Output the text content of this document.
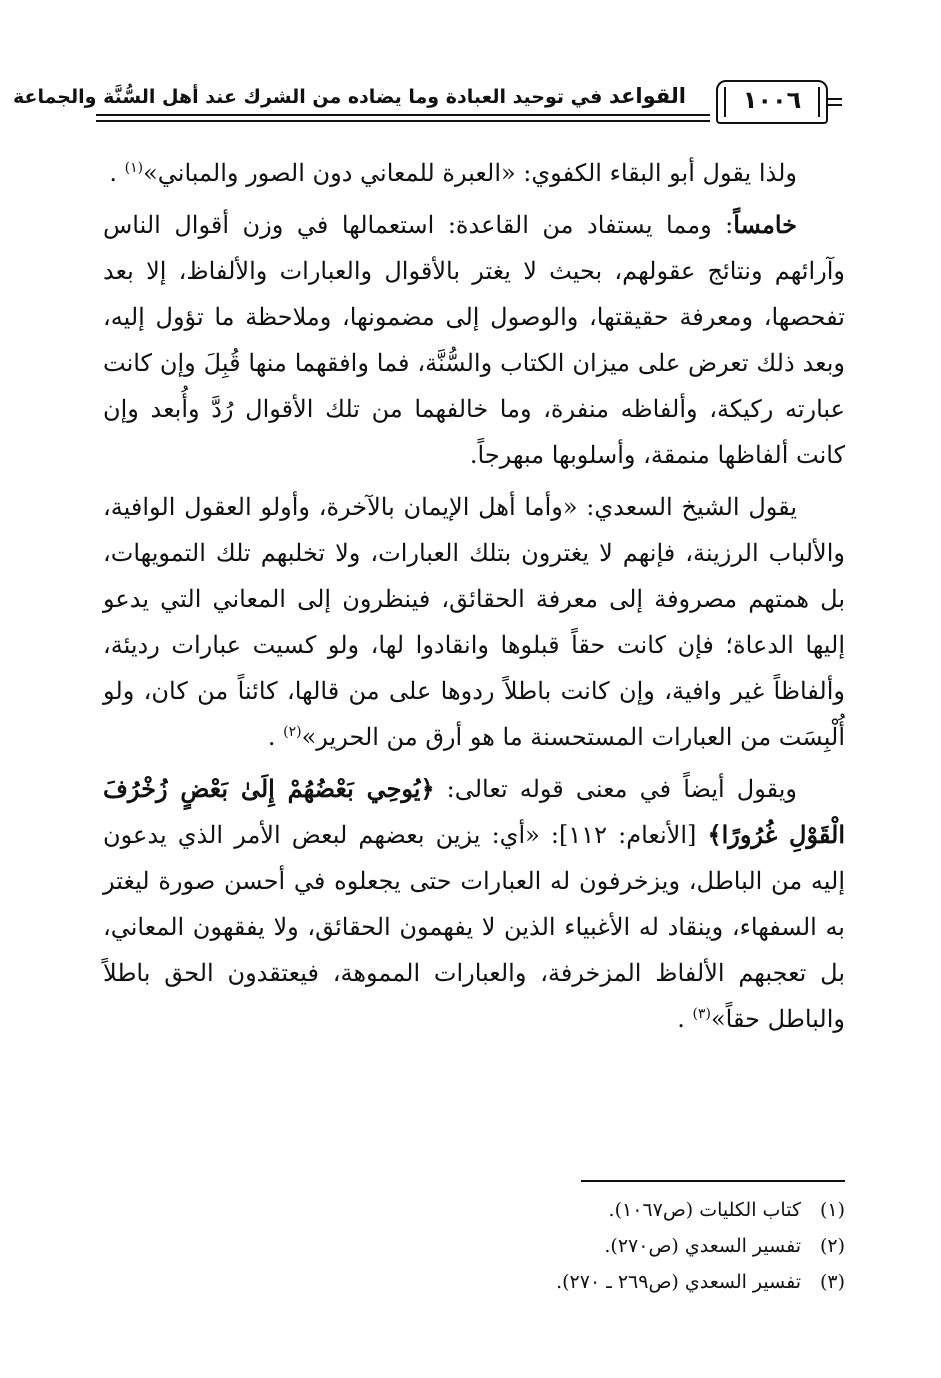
القواعد في توحيد العبادة وما يضاده من الشرك عند أهل السُّنَّة والجماعة	١٠٠٦

ولذا يقول أبو البقاء الكفوي: «العبرة للمعاني دون الصور والمباني»$^{(١)}$ .

خامساً: ومما يستفاد من القاعدة: استعمالها في وزن أقوال الناس وآرائهم ونتائج عقولهم، بحيث لا يغتر بالأقوال والعبارات والألفاظ، إلا بعد تفحصها، ومعرفة حقيقتها، والوصول إلى مضمونها، وملاحظة ما تؤول إليه، وبعد ذلك تعرض على ميزان الكتاب والسُّنَّة، فما وافقهما منها قُبِلَ وإن كانت عبارته ركيكة، وألفاظه منفرة، وما خالفهما من تلك الأقوال رُدَّ وأُبعد وإن كانت ألفاظها منمقة، وأسلوبها مبهرجاً.

يقول الشيخ السعدي: «وأما أهل الإيمان بالآخرة، وأولو العقول الوافية، والألباب الرزينة، فإنهم لا يغترون بتلك العبارات، ولا تخلبهم تلك التمويهات، بل همتهم مصروفة إلى معرفة الحقائق، فينظرون إلى المعاني التي يدعو إليها الدعاة؛ فإن كانت حقاً قبلوها وانقادوا لها، ولو كسيت عبارات رديئة، وألفاظاً غير وافية، وإن كانت باطلاً ردوها على من قالها، كائناً من كان، ولو أُلْبِسَت من العبارات المستحسنة ما هو أرق من الحرير»$^{(٢)}$ .

ويقول أيضاً في معنى قوله تعالى: ﴿يُوحِي بَعْضُهُمْ إِلَىٰ بَعْضٍ زُخْرُفَ الْقَوْلِ غُرُورًا﴾ [الأنعام: ١١٢]: «أي: يزين بعضهم لبعض الأمر الذي يدعون إليه من الباطل، ويزخرفون له العبارات حتى يجعلوه في أحسن صورة ليغتر به السفهاء، وينقاد له الأغبياء الذين لا يفهمون الحقائق، ولا يفقهون المعاني، بل تعجبهم الألفاظ المزخرفة، والعبارات المموهة، فيعتقدون الحق باطلاً والباطل حقاً»$^{(٣)}$ .

(١)كتاب الكليات (ص١٠٦٧).
(٢)تفسير السعدي (ص٢٧٠).
(٣)تفسير السعدي (ص٢٦٩ ـ ٢٧٠).
